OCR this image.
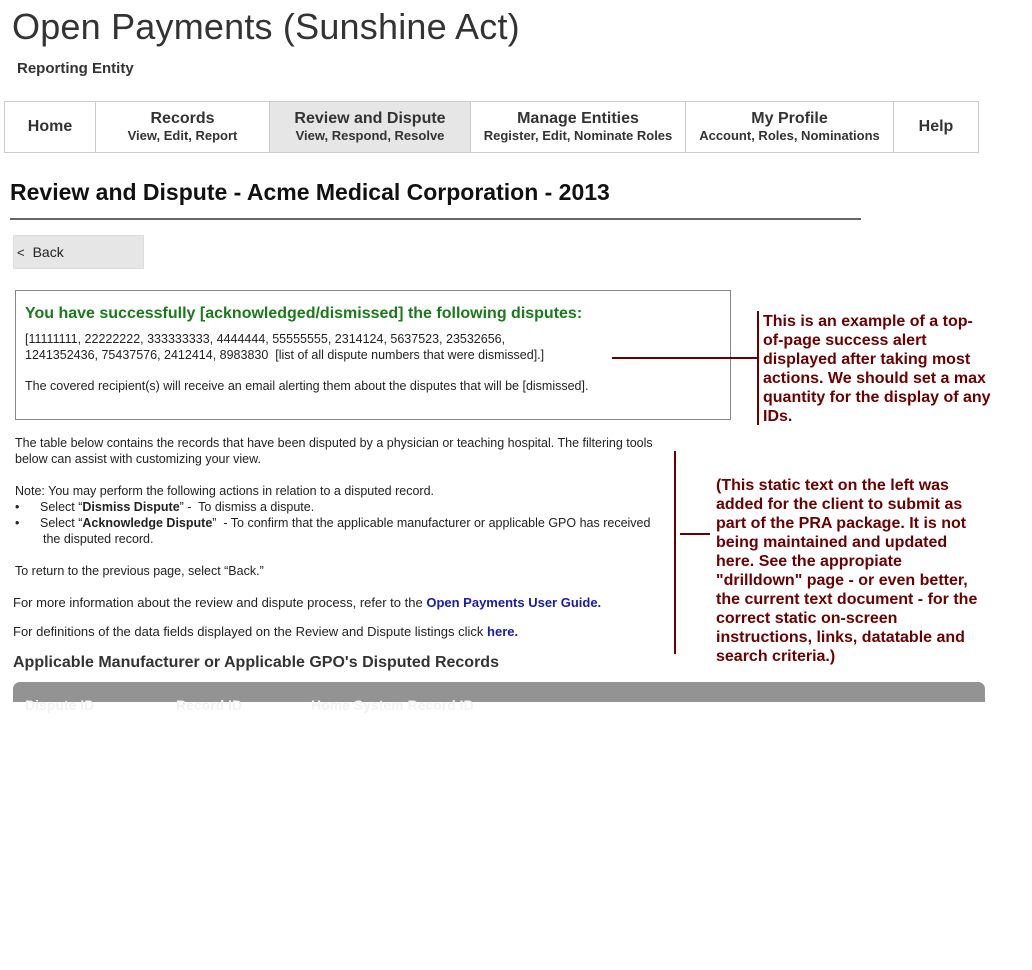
Open Payments (Sunshine Act)
Reporting Entity
Home	Records
View, Edit, Report
Review and Dispute
View, Respond, Resolve
Manage Entities
Register, Edit, Nominate Roles
My Profile
Account, Roles, Nominations
Help
Review and Dispute - Acme Medical Corporation - 2013
< Back
You have successfully [acknowledged/dismissed] the following disputes:
[11111111, 22222222, 333333333, 4444444, 55555555, 2314124, 5637523, 23532656,
1241352436, 75437576, 2412414, 8983830  [list of all dispute numbers that were dismissed].]
The covered recipient(s) will receive an email alerting them about the disputes that will be [dismissed].
This is an example of a top-of-page success alert displayed after taking most actions. We should set a max quantity for the display of any IDs.
(This static text on the left was added for the client to submit as part of the PRA package. It is not being maintained and updated here. See the appropiate "drilldown" page - or even better, the current text document - for the correct static on-screen instructions, links, datatable and search criteria.)
The table below contains the records that have been disputed by a physician or teaching hospital. The filtering tools below can assist with customizing your view.
Note: You may perform the following actions in relation to a disputed record.
• Select “Dismiss Dispute” -  To dismiss a dispute.
• Select “Acknowledge Dispute”  - To confirm that the applicable manufacturer or applicable GPO has received
the disputed record.
To return to the previous page, select “Back.”
For more information about the review and dispute process, refer to the Open Payments User Guide.
For definitions of the data fields displayed on the Review and Dispute listings click here.
Applicable Manufacturer or Applicable GPO's Disputed Records
Dispute ID	Record ID	Home System Record ID
